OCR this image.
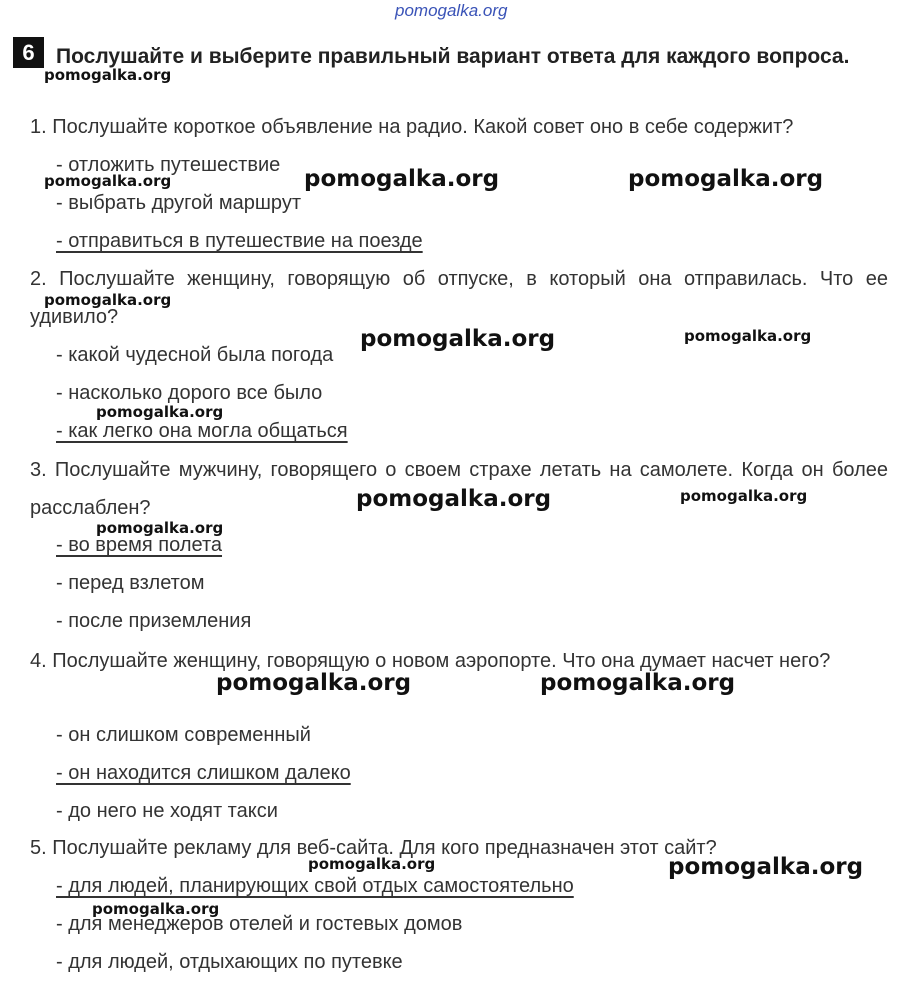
pomogalka.org
6	Послушайте и выберите правильный вариант ответа для каждого вопроса.
1. Послушайте короткое объявление на радио. Какой совет оно в себе содержит?
- отложить путешествие
- выбрать другой маршрут
- отправиться в путешествие на поезде
2. Послушайте женщину, говорящую об отпуске, в который она отправилась. Что ее удивило?
- какой чудесной была погода
- насколько дорого все было
- как легко она могла общаться
3. Послушайте мужчину, говорящего о своем страхе летать на самолете. Когда он более расслаблен?
- во время полета
- перед взлетом
- после приземления
4. Послушайте женщину, говорящую о новом аэропорте. Что она думает насчет него?
- он слишком современный
- он находится слишком далеко
- до него не ходят такси
5. Послушайте рекламу для веб-сайта. Для кого предназначен этот сайт?
- для людей, планирующих свой отдых самостоятельно
- для менеджеров отелей и гостевых домов
- для людей, отдыхающих по путевке
pomogalka.org
pomogalka.org	pomogalka.org	pomogalka.org
pomogalka.org
pomogalka.org	pomogalka.org
pomogalka.org
pomogalka.org	pomogalka.org
pomogalka.org
pomogalka.org	pomogalka.org
pomogalka.org	pomogalka.org
pomogalka.org
